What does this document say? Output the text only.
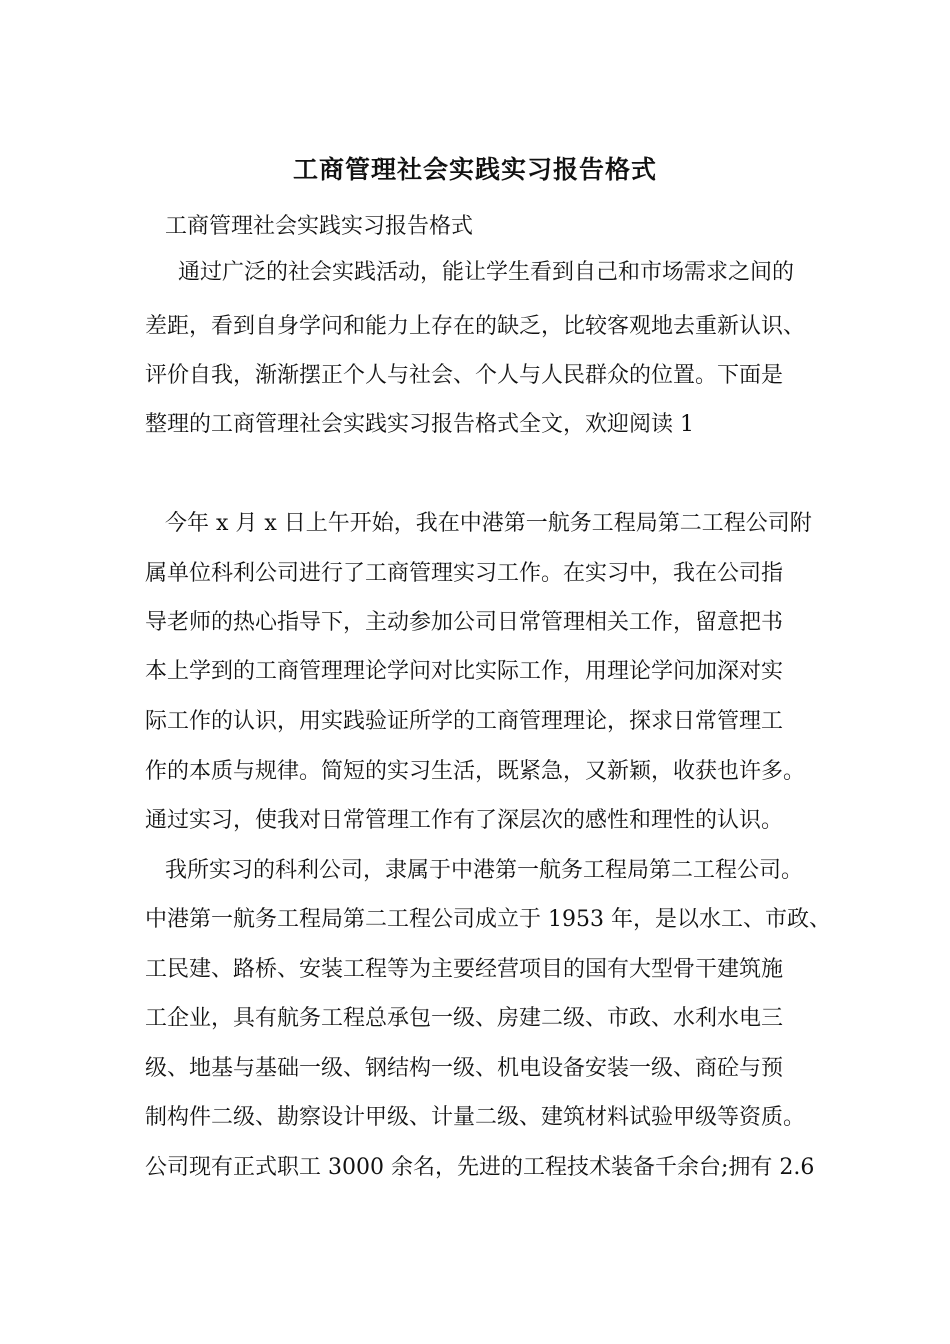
工商管理社会实践实习报告格式
工商管理社会实践实习报告格式
通过广泛的社会实践活动，能让学生看到自己和市场需求之间的
差距，看到自身学问和能力上存在的缺乏，比较客观地去重新认识、
评价自我，渐渐摆正个人与社会、个人与人民群众的位置。下面是
整理的工商管理社会实践实习报告格式全文，欢迎阅读 1
今年 x 月 x 日上午开始，我在中港第一航务工程局第二工程公司附
属单位科利公司进行了工商管理实习工作。在实习中，我在公司指
导老师的热心指导下，主动参加公司日常管理相关工作，留意把书
本上学到的工商管理理论学问对比实际工作，用理论学问加深对实
际工作的认识，用实践验证所学的工商管理理论，探求日常管理工
作的本质与规律。简短的实习生活，既紧急，又新颖，收获也许多。
通过实习，使我对日常管理工作有了深层次的感性和理性的认识。
我所实习的科利公司，隶属于中港第一航务工程局第二工程公司。
中港第一航务工程局第二工程公司成立于 1953 年，是以水工、市政、
工民建、路桥、安装工程等为主要经营项目的国有大型骨干建筑施
工企业，具有航务工程总承包一级、房建二级、市政、水利水电三
级、地基与基础一级、钢结构一级、机电设备安装一级、商砼与预
制构件二级、勘察设计甲级、计量二级、建筑材料试验甲级等资质。
公司现有正式职工 3000 余名，先进的工程技术装备千余台;拥有 2.6
